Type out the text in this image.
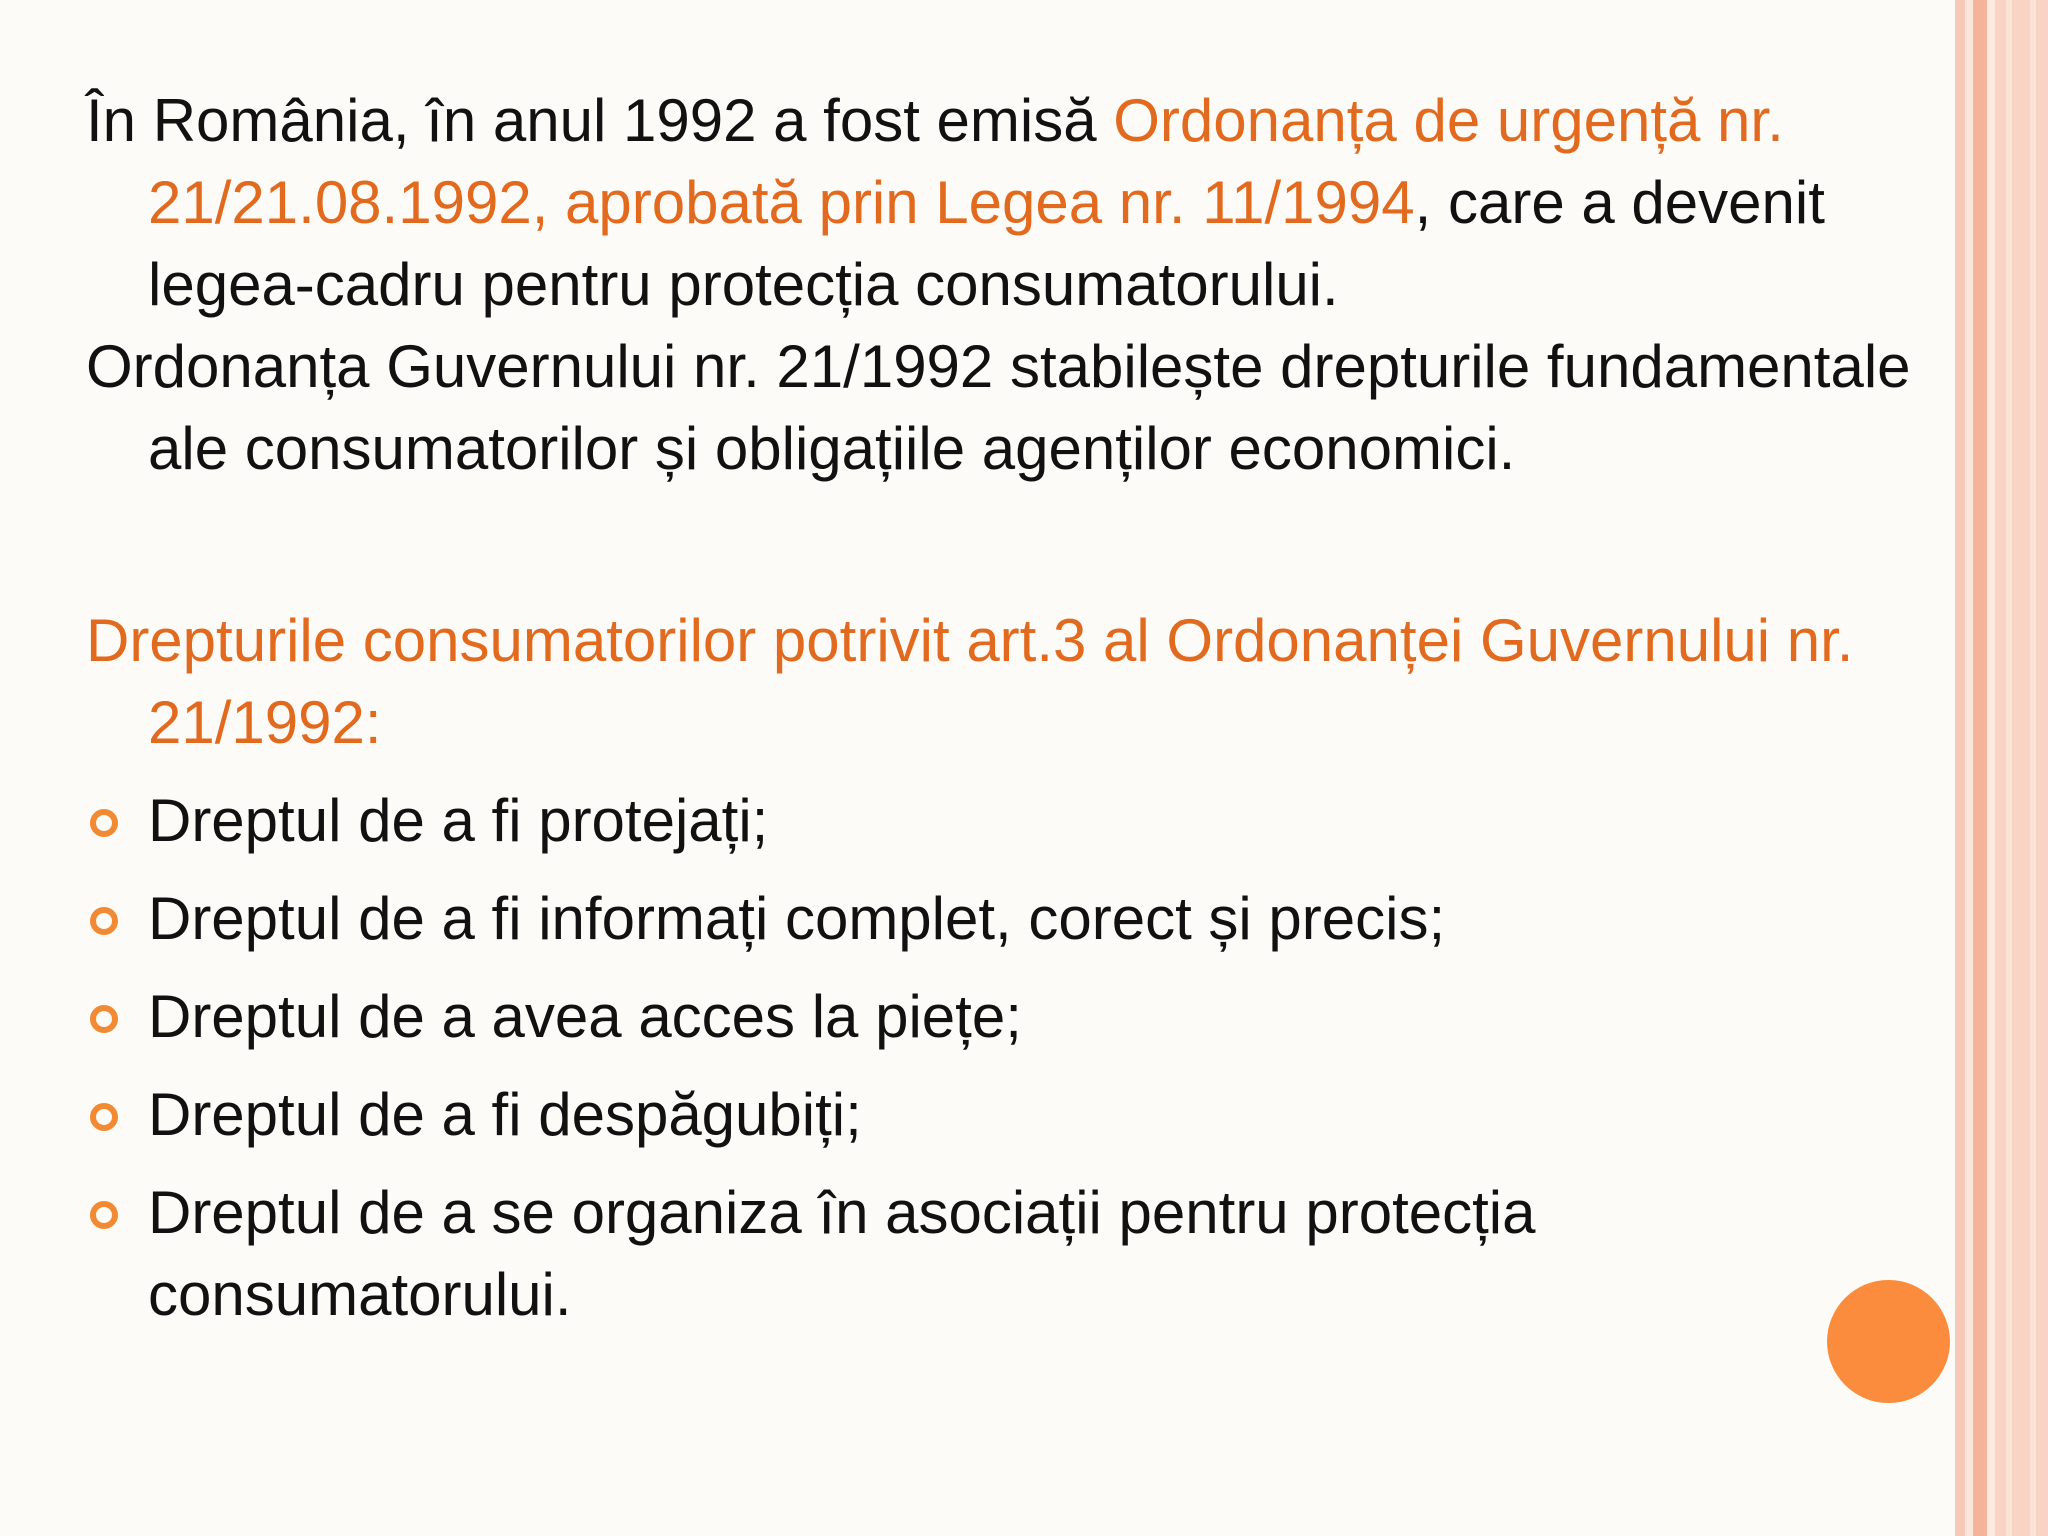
În România, în anul 1992 a fost emisă Ordonanța de urgență nr. 21/21.08.1992, aprobată prin Legea nr. 11/1994, care a devenit legea-cadru pentru protecția consumatorului.

Ordonanța Guvernului nr. 21/1992 stabilește drepturile fundamentale ale consumatorilor și obligațiile agenților economici.

Drepturile consumatorilor potrivit art.3 al Ordonanței Guvernului nr. 21/1992:

Dreptul de a fi protejați;
Dreptul de a fi informați complet, corect și precis;
Dreptul de a avea acces la piețe;
Dreptul de a fi despăgubiți;
Dreptul de a se organiza în asociații pentru protecția consumatorului.
